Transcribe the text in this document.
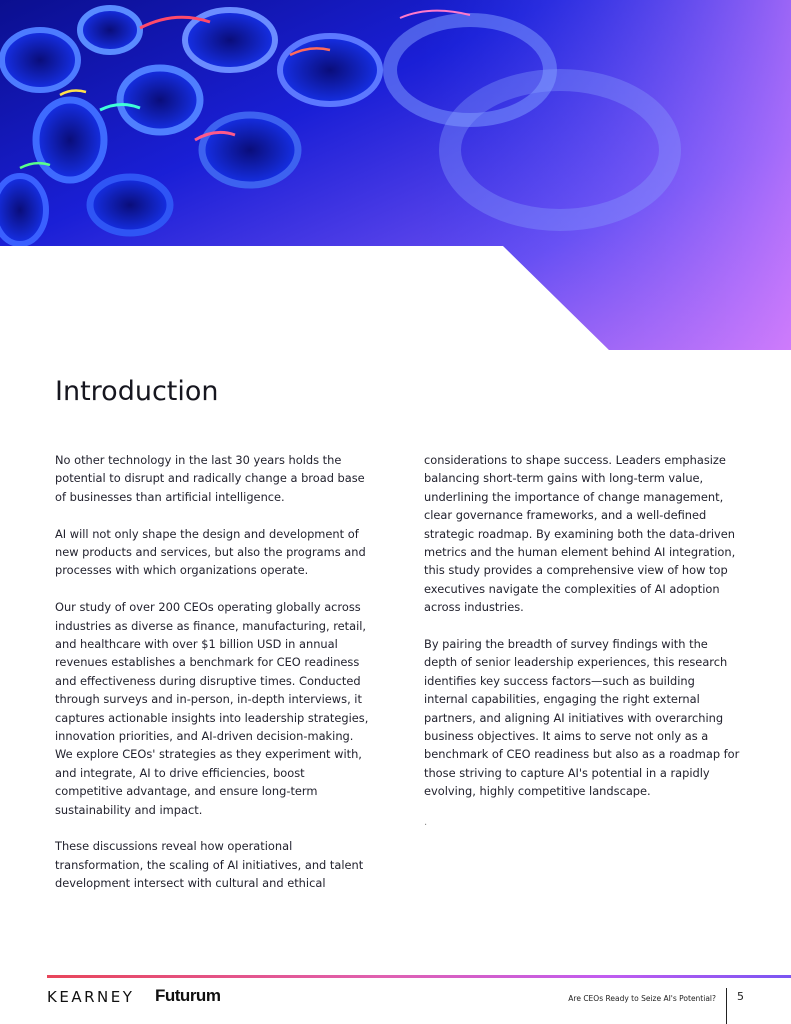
Introduction

No other technology in the last 30 years holds the potential to disrupt and radically change a broad base of businesses than artificial intelligence.

AI will not only shape the design and development of new products and services, but also the programs and processes with which organizations operate.

Our study of over 200 CEOs operating globally across industries as diverse as finance, manufacturing, retail, and healthcare with over $1 billion USD in annual revenues establishes a benchmark for CEO readiness and effectiveness during disruptive times. Conducted through surveys and in-person, in-depth interviews, it captures actionable insights into leadership strategies, innovation priorities, and AI-driven decision-making. We explore CEOs' strategies as they experiment with, and integrate, AI to drive efficiencies, boost competitive advantage, and ensure long-term sustainability and impact.

These discussions reveal how operational transformation, the scaling of AI initiatives, and talent development intersect with cultural and ethical

considerations to shape success. Leaders emphasize balancing short-term gains with long-term value, underlining the importance of change management, clear governance frameworks, and a well-defined strategic roadmap. By examining both the data-driven metrics and the human element behind AI integration, this study provides a comprehensive view of how top executives navigate the complexities of AI adoption across industries.

By pairing the breadth of survey findings with the depth of senior leadership experiences, this research identifies key success factors—such as building internal capabilities, engaging the right external partners, and aligning AI initiatives with overarching business objectives. It aims to serve not only as a benchmark of CEO readiness but also as a roadmap for those striving to capture AI's potential in a rapidly evolving, highly competitive landscape.

.
KEARNEY Futurum	Are CEOs Ready to Seize AI's Potential? 5
